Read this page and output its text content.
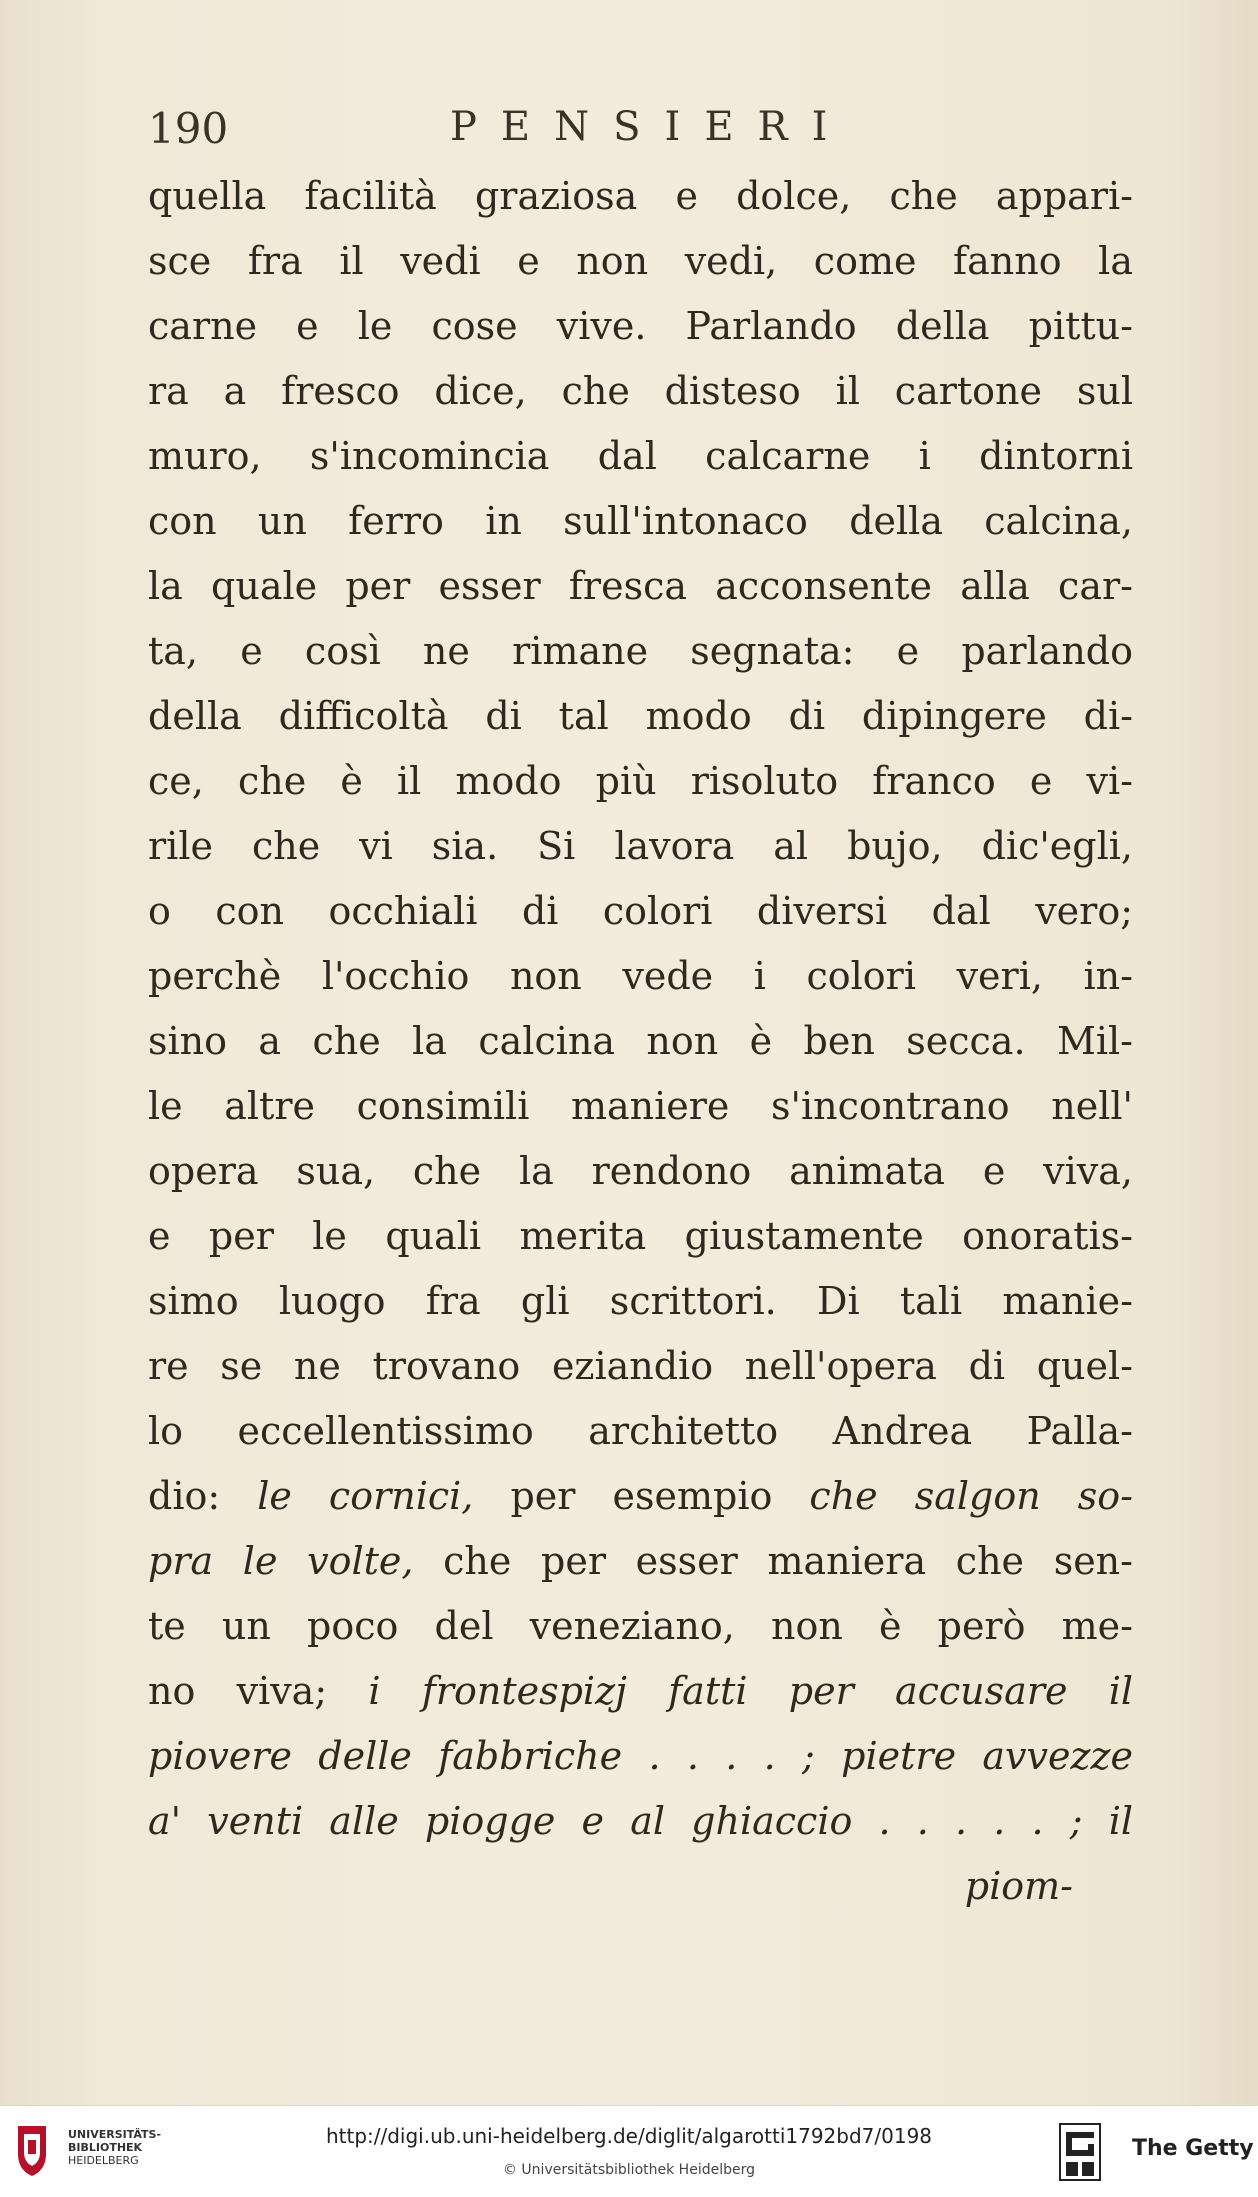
190	PENSIERI
quella facilità graziosa e dolce, che appari-
sce fra il vedi e non vedi, come fanno la
carne e le cose vive. Parlando della pittu-
ra a fresco dice, che disteso il cartone sul
muro, s'incomincia dal calcarne i dintorni
con un ferro in sull'intonaco della calcina,
la quale per esser fresca acconsente alla car-
ta, e così ne rimane segnata: e parlando
della difficoltà di tal modo di dipingere di-
ce, che è il modo più risoluto franco e vi-
rile che vi sia. Si lavora al bujo, dic'egli,
o con occhiali di colori diversi dal vero;
perchè l'occhio non vede i colori veri, in-
sino a che la calcina non è ben secca. Mil-
le altre consimili maniere s'incontrano nell'
opera sua, che la rendono animata e viva,
e per le quali merita giustamente onoratis-
simo luogo fra gli scrittori. Di tali manie-
re se ne trovano eziandio nell'opera di quel-
lo eccellentissimo architetto Andrea Palla-
dio: le cornici, per esempio che salgon so-
pra le volte, che per esser maniera che sen-
te un poco del veneziano, non è però me-
no viva; i frontespizj fatti per accusare il
piovere delle fabbriche . . . . ; pietre avvezze
a' venti alle piogge e al ghiaccio . . . . . ; il
piom-
UNIVERSITÄTS-
BIBLIOTHEK
HEIDELBERG
http://digi.ub.uni-heidelberg.de/diglit/algarotti1792bd7/0198
© Universitätsbibliothek Heidelberg
The Getty
